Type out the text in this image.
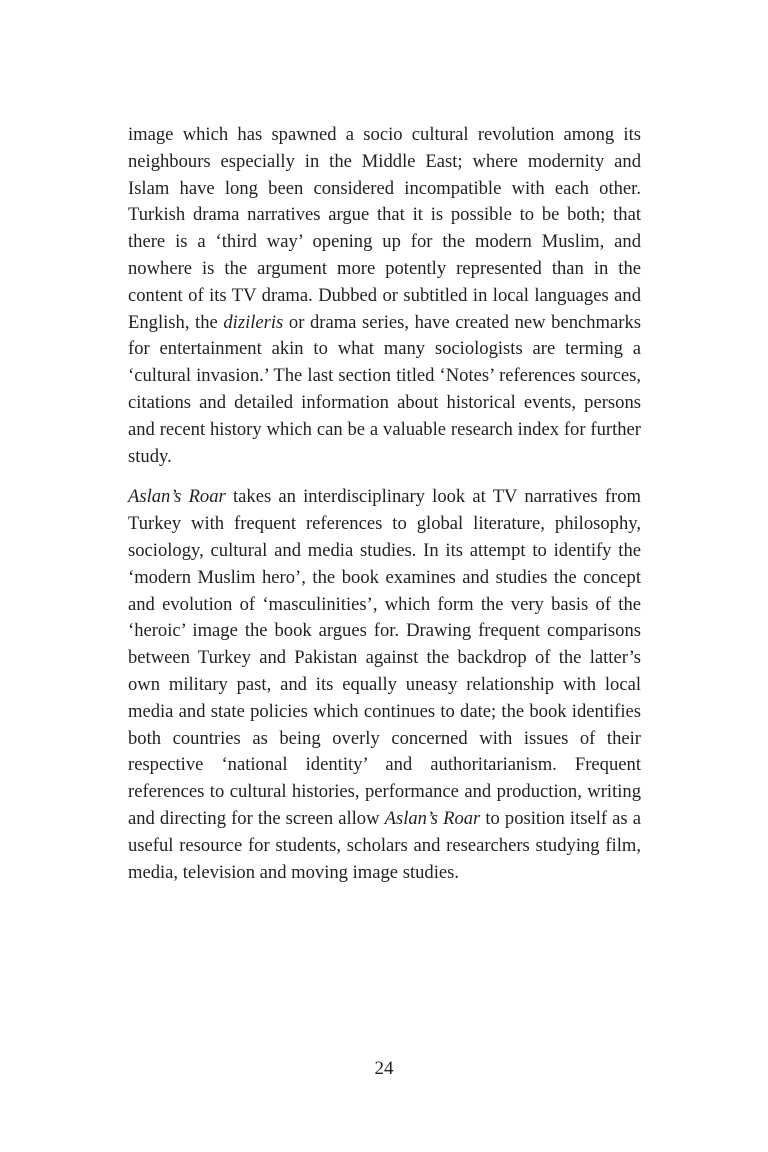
image which has spawned a socio cultural revolution among its neighbours especially in the Middle East; where modernity and Islam have long been considered incompatible with each other. Turkish drama narratives argue that it is possible to be both; that there is a ‘third way’ opening up for the modern Muslim, and nowhere is the argument more potently represented than in the content of its TV drama. Dubbed or subtitled in local languages and English, the dizileris or drama series, have created new benchmarks for entertainment akin to what many sociologists are terming a ‘cultural invasion.’ The last section titled ‘Notes’ references sources, citations and detailed information about historical events, persons and recent history which can be a valuable research index for further study.

Aslan’s Roar takes an interdisciplinary look at TV narratives from Turkey with frequent references to global literature, philosophy, sociology, cultural and media studies. In its attempt to identify the ‘modern Muslim hero’, the book examines and studies the concept and evolution of ‘masculinities’, which form the very basis of the ‘heroic’ image the book argues for. Drawing frequent comparisons between Turkey and Pakistan against the backdrop of the latter’s own military past, and its equally uneasy relationship with local media and state policies which continues to date; the book identifies both countries as being overly concerned with issues of their respective ‘national identity’ and authoritarianism. Frequent references to cultural histories, performance and production, writing and directing for the screen allow Aslan’s Roar to position itself as a useful resource for students, scholars and researchers studying film, media, television and moving image studies.

24
